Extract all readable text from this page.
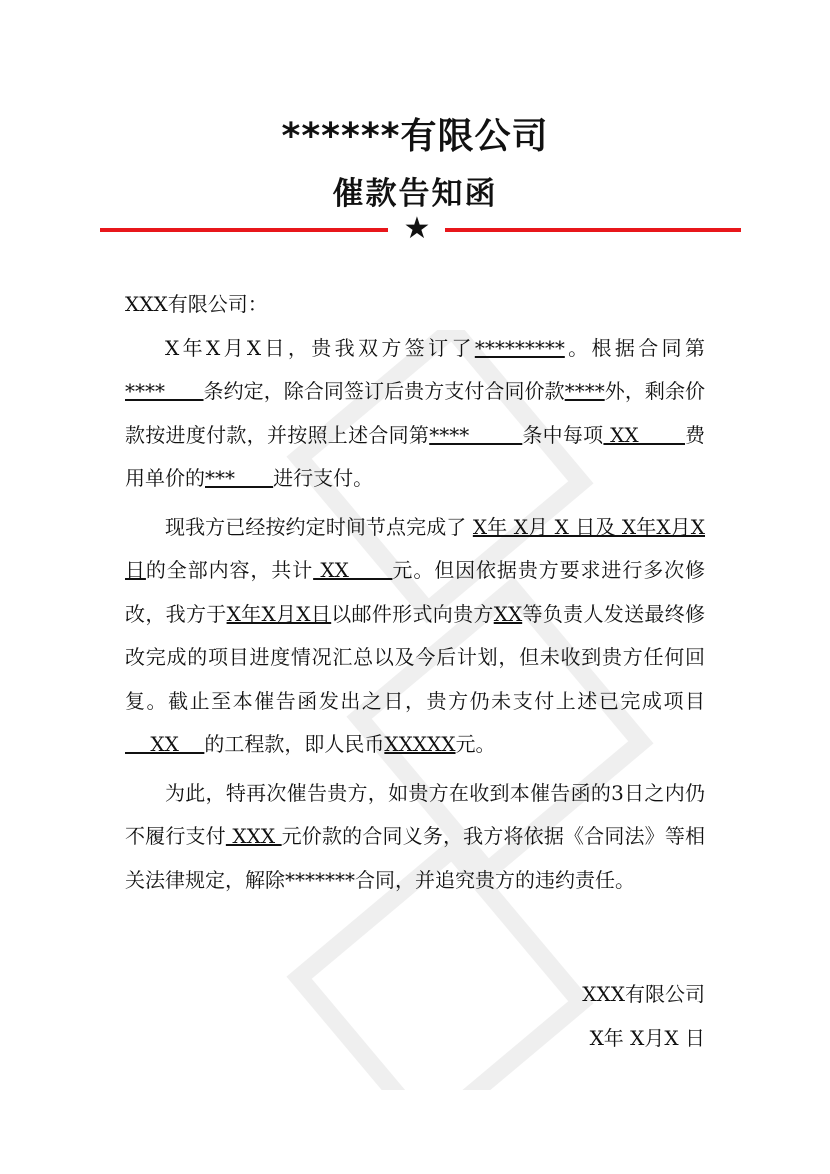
******有限公司
催款告知函
★

XXX有限公司：

X年X月X日，贵我双方签订了*********。根据合同第****      条约定，除合同签订后贵方支付合同价款****外，剩余价款按进度付款，并按照上述合同第****        条中每项 XX       费用单价的***      进行支付。

现我方已经按约定时间节点完成了 X年 X月 X 日及 X年X月X日的全部内容，共计 XX      元。但因依据贵方要求进行多次修改，我方于X年X月X日以邮件形式向贵方XX等负责人发送最终修改完成的项目进度情况汇总以及今后计划，但未收到贵方任何回复。截止至本催告函发出之日，贵方仍未支付上述已完成项目    XX    的工程款，即人民币XXXXX元。

为此，特再次催告贵方，如贵方在收到本催告函的3日之内仍不履行支付 XXX 元价款的合同义务，我方将依据《合同法》等相关法律规定，解除*******合同，并追究贵方的违约责任。

XXX有限公司
X年 X月X 日
